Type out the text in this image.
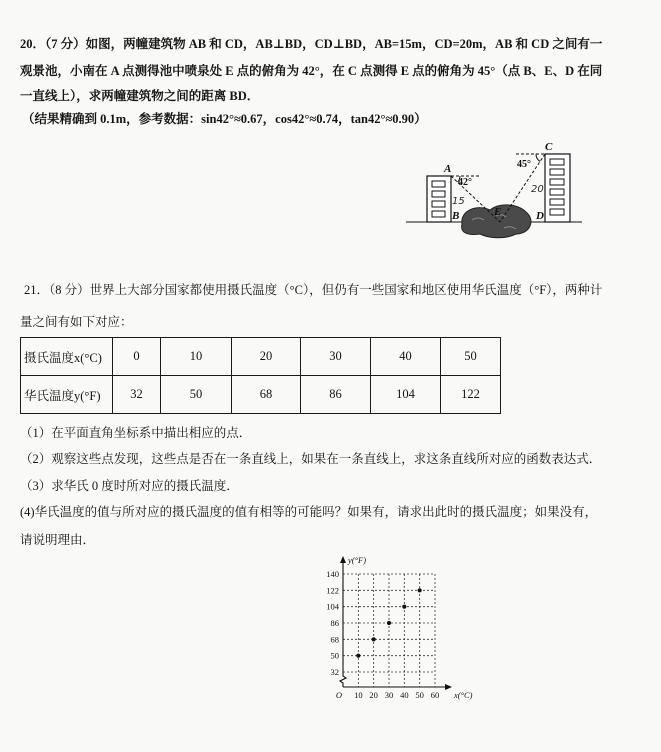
20．（7 分）如图，两幢建筑物 AB 和 CD，AB⊥BD，CD⊥BD，AB=15m，CD=20m，AB 和 CD 之间有一
观景池，小南在 A 点测得池中喷泉处 E 点的俯角为 42°，在 C 点测得 E 点的俯角为 45°（点 B、E、D 在同
一直线上），求两幢建筑物之间的距离 BD．
（结果精确到 0.1m，参考数据：sin42°≈0.67，cos42°≈0.74，tan42°≈0.90）
A
42°
15
B	E	D
C
45°
20
21．（8 分）世界上大部分国家都使用摄氏温度（°C），但仍有一些国家和地区使用华氏温度（°F），两种计
量之间有如下对应：
摄氏温度x(°C)	0	10	20	30	40	50
华氏温度y(°F)	32	50	68	86	104	122
（1）在平面直角坐标系中描出相应的点．
（2）观察这些点发现，这些点是否在一条直线上，如果在一条直线上，求这条直线所对应的函数表达式．
（3）求华氏 0 度时所对应的摄氏温度．
(4)华氏温度的值与所对应的摄氏温度的值有相等的可能吗？如果有，请求出此时的摄氏温度；如果没有，
请说明理由．
32
50
68
86
104
122
140
10 20 30 40 50 60
O
y(°F)
x(°C)
